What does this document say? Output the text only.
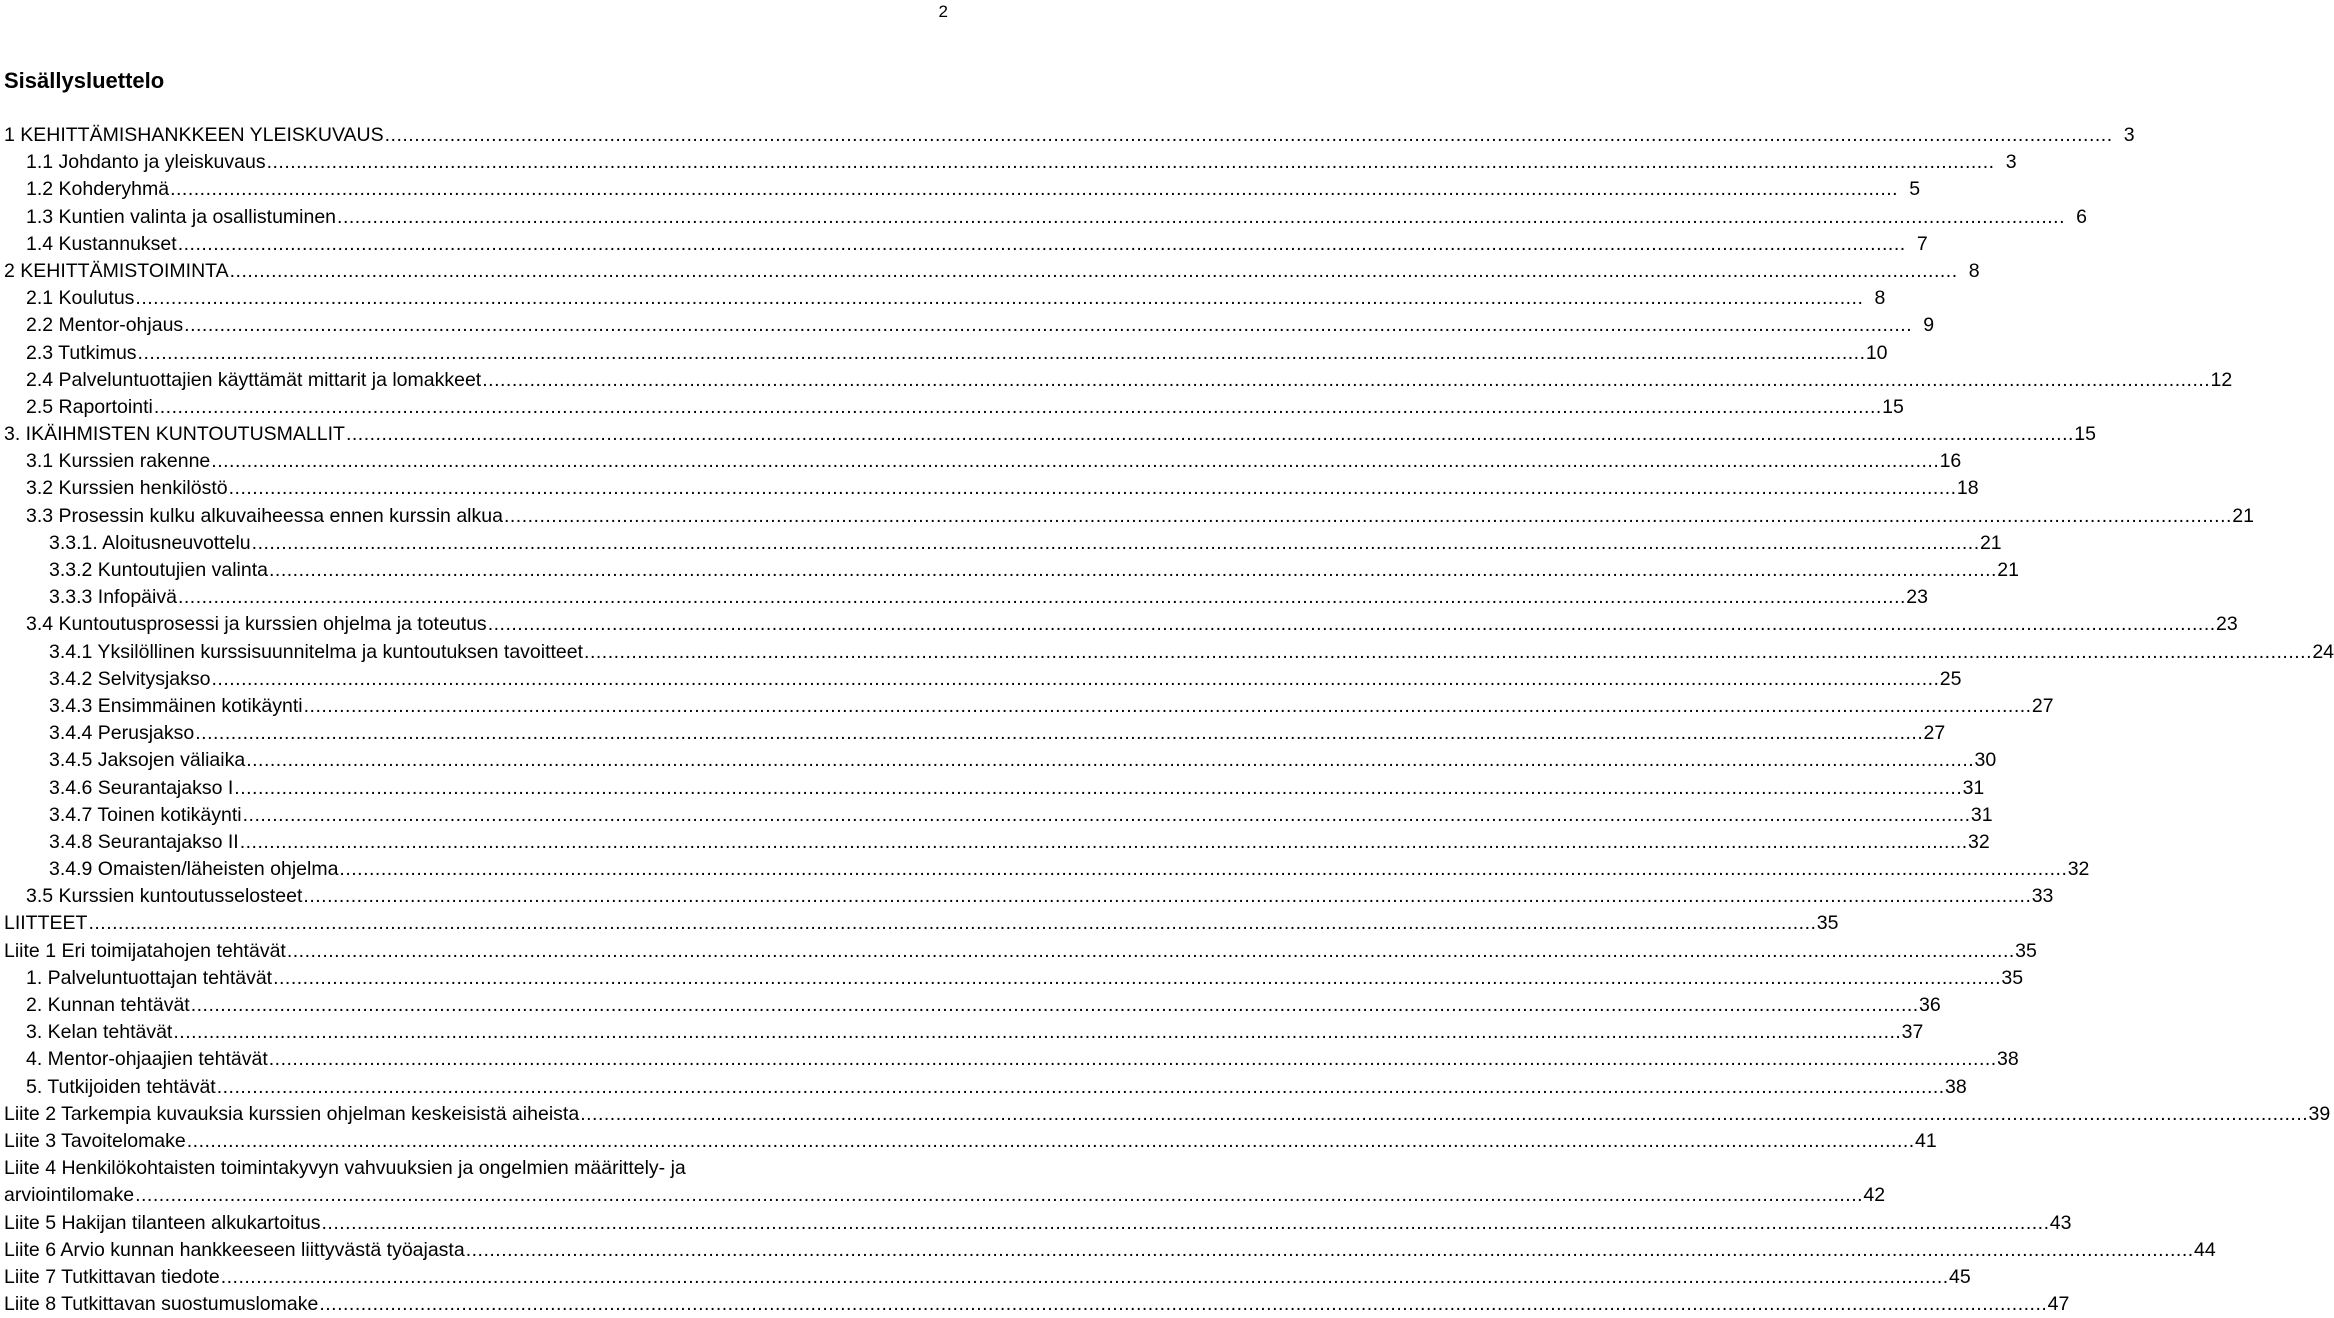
2
Sisällysluettelo
1 KEHITTÄMISHANKKEEN YLEISKUVAUS .....	3
1.1 Johdanto ja yleiskuvaus .....	3
1.2 Kohderyhmä .....	5
1.3 Kuntien valinta ja osallistuminen .....	6
1.4 Kustannukset .....	7
2 KEHITTÄMISTOIMINTA .....	8
2.1 Koulutus .....	8
2.2 Mentor-ohjaus .....	9
2.3 Tutkimus .....	10
2.4 Palveluntuottajien käyttämät mittarit ja lomakkeet .....	12
2.5 Raportointi .....	15
3. IKÄIHMISTEN KUNTOUTUSMALLIT .....	15
3.1 Kurssien rakenne .....	16
3.2 Kurssien henkilöstö .....	18
3.3 Prosessin kulku alkuvaiheessa ennen kurssin alkua .....	21
3.3.1. Aloitusneuvottelu .....	21
3.3.2 Kuntoutujien valinta .....	21
3.3.3 Infopäivä .....	23
3.4 Kuntoutusprosessi ja kurssien ohjelma ja toteutus .....	23
3.4.1 Yksilöllinen kurssisuunnitelma ja kuntoutuksen tavoitteet .....	24
3.4.2 Selvitysjakso .....	25
3.4.3 Ensimmäinen kotikäynti .....	27
3.4.4 Perusjakso .....	27
3.4.5 Jaksojen väliaika .....	30
3.4.6 Seurantajakso I .....	31
3.4.7 Toinen kotikäynti .....	31
3.4.8 Seurantajakso II .....	32
3.4.9 Omaisten/läheisten ohjelma .....	32
3.5 Kurssien kuntoutusselosteet .....	33
LIITTEET .....	35
Liite 1 Eri toimijatahojen tehtävät .....	35
1. Palveluntuottajan tehtävät .....	35
2. Kunnan tehtävät .....	36
3. Kelan tehtävät .....	37
4. Mentor-ohjaajien tehtävät .....	38
5. Tutkijoiden tehtävät .....	38
Liite 2 Tarkempia kuvauksia kurssien ohjelman keskeisistä aiheista .....	39
Liite 3 Tavoitelomake .....	41
Liite 4 Henkilökohtaisten toimintakyvyn vahvuuksien ja ongelmien määrittely- ja
arviointilomake .....	42
Liite 5 Hakijan tilanteen alkukartoitus .....	43
Liite 6 Arvio kunnan hankkeeseen liittyvästä työajasta .....	44
Liite 7 Tutkittavan tiedote .....	45
Liite 8 Tutkittavan suostumuslomake .....	47
